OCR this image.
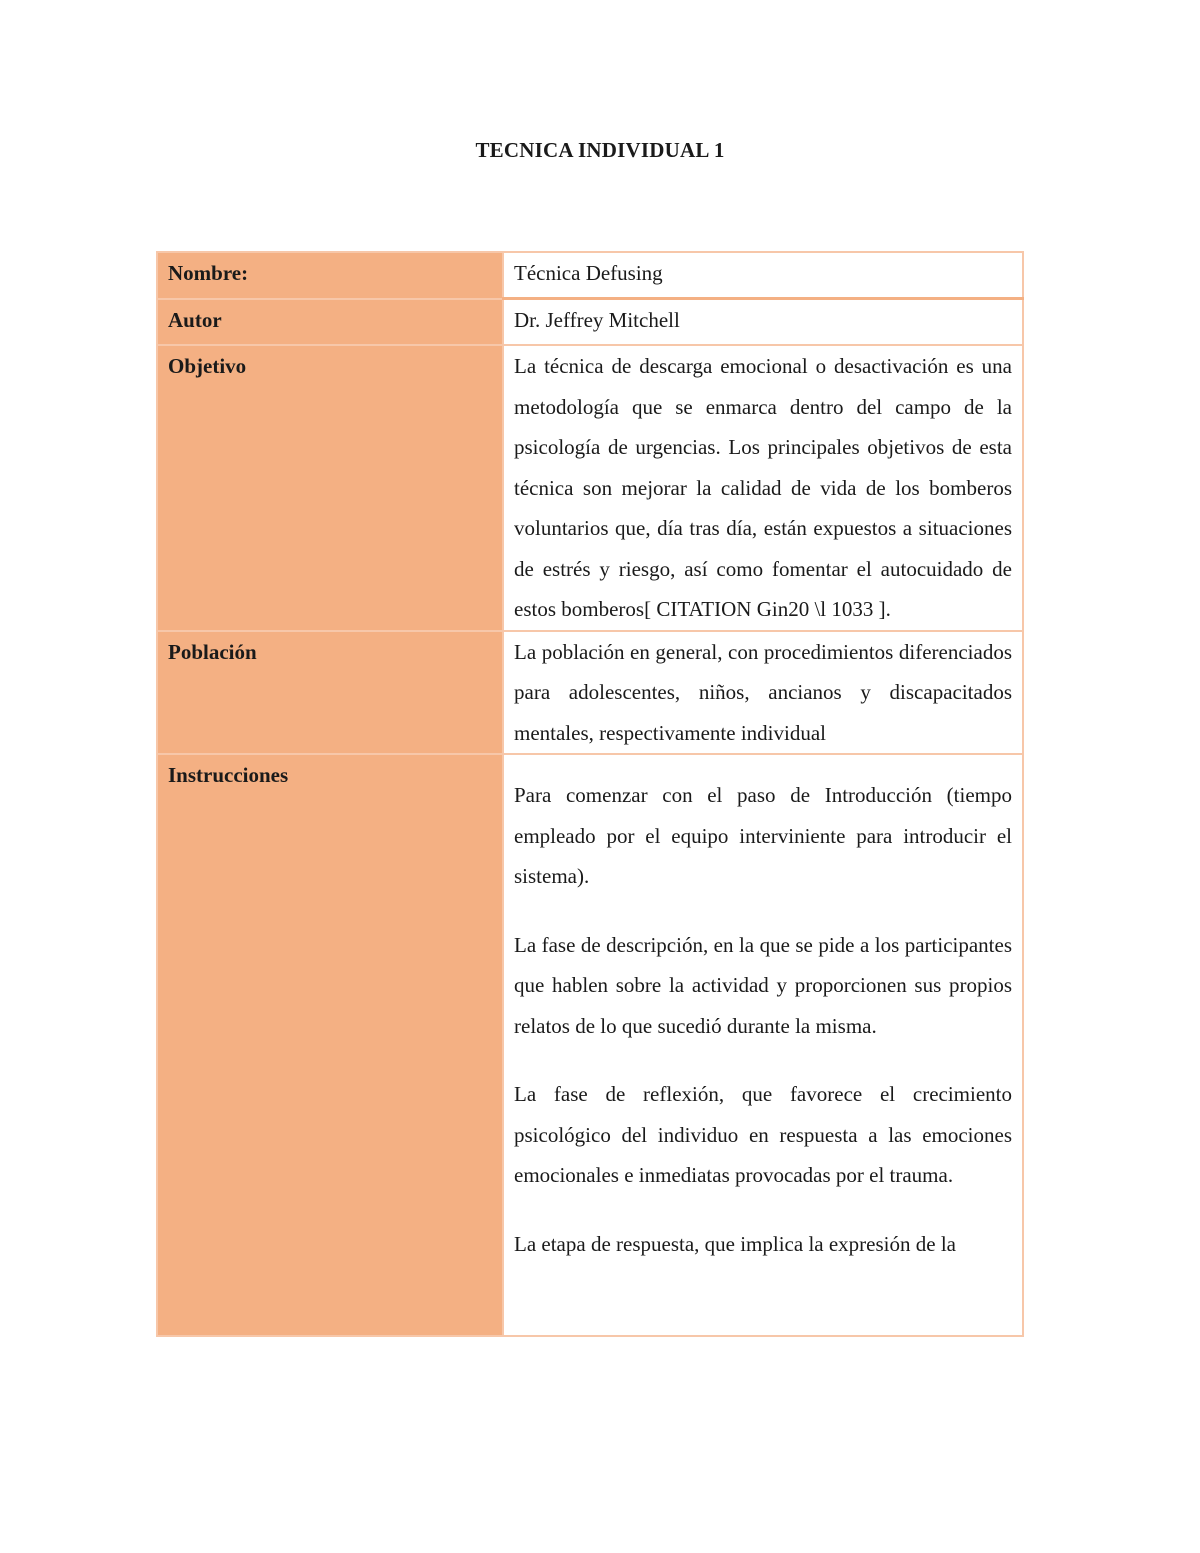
TECNICA INDIVIDUAL 1
Nombre:	Técnica Defusing
Autor	Dr. Jeffrey Mitchell
Objetivo	La técnica de descarga emocional o desactivación es una metodología que se enmarca dentro del campo de la psicología de urgencias. Los principales objetivos de esta técnica son mejorar la calidad de vida de los bomberos voluntarios que, día tras día, están expuestos a situaciones de estrés y riesgo, así como fomentar el autocuidado de estos bomberos[ CITATION Gin20 \l 1033 ].
Población	La población en general, con procedimientos diferenciados para adolescentes, niños, ancianos y discapacitados mentales, respectivamente individual
Instrucciones	Para comenzar con el paso de Introducción (tiempo empleado por el equipo interviniente para introducir el sistema).

La fase de descripción, en la que se pide a los participantes que hablen sobre la actividad y proporcionen sus propios relatos de lo que sucedió durante la misma.

La fase de reflexión, que favorece el crecimiento psicológico del individuo en respuesta a las emociones emocionales e inmediatas provocadas por el trauma.

La etapa de respuesta, que implica la expresión de la
